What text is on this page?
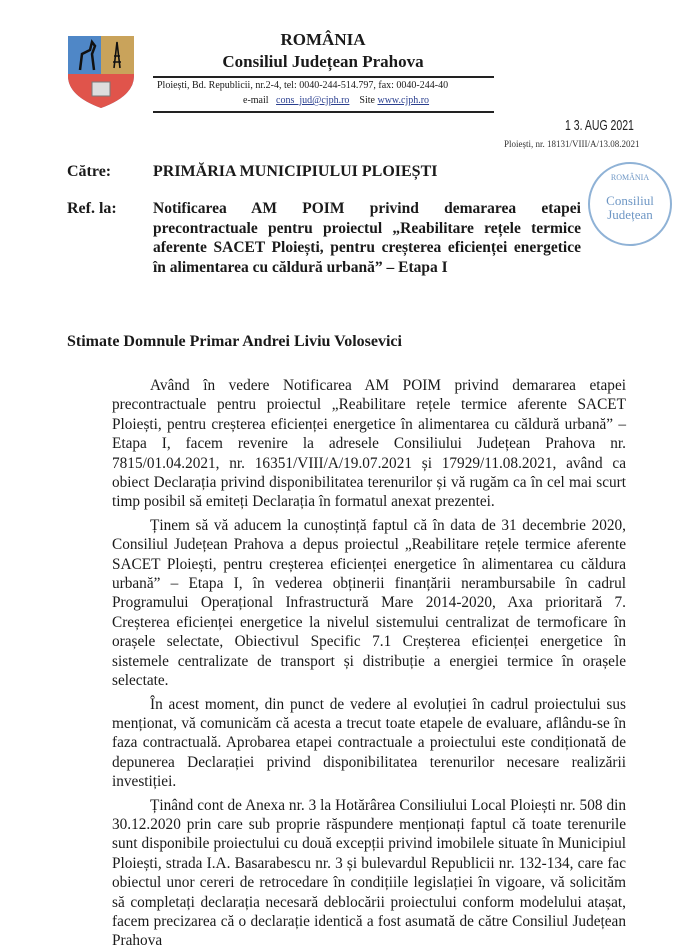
ROMÂNIA
Consiliul Județean Prahova
Ploiești, Bd. Republicii, nr.2-4, tel: 0040-244-514.797, fax: 0040-244-40
e-mail cons_jud@cjph.ro Site www.cjph.ro
1 3. AUG 2021
Ploiești, nr. 18131/VIII/A/13.08.2021
ROMÂNIA
Consiliul Județean
Către:	PRIMĂRIA MUNICIPIULUI PLOIEȘTI
Ref. la: Notificarea AM POIM privind demararea etapei precontractuale pentru proiectul „Reabilitare rețele termice aferente SACET Ploiești, pentru creșterea eficienței energetice în alimentarea cu căldură urbană” – Etapa I
Stimate Domnule Primar Andrei Liviu Volosevici

Având în vedere Notificarea AM POIM privind demararea etapei precontractuale pentru proiectul „Reabilitare rețele termice aferente SACET Ploiești, pentru creșterea eficienței energetice în alimentarea cu căldură urbană” – Etapa I, facem revenire la adresele Consiliului Județean Prahova nr. 7815/01.04.2021, nr. 16351/VIII/A/19.07.2021 și 17929/11.08.2021, având ca obiect Declarația privind disponibilitatea terenurilor și vă rugăm ca în cel mai scurt timp posibil să emiteți Declarația în formatul anexat prezentei.

Ținem să vă aducem la cunoștință faptul că în data de 31 decembrie 2020, Consiliul Județean Prahova a depus proiectul „Reabilitare rețele termice aferente SACET Ploiești, pentru creșterea eficienței energetice în alimentarea cu căldura urbană” – Etapa I, în vederea obținerii finanțării nerambursabile în cadrul Programului Operațional Infrastructură Mare 2014-2020, Axa prioritară 7. Creșterea eficienței energetice la nivelul sistemului centralizat de termoficare în orașele selectate, Obiectivul Specific 7.1 Creșterea eficienței energetice în sistemele centralizate de transport și distribuție a energiei termice în orașele selectate.

În acest moment, din punct de vedere al evoluției în cadrul proiectului sus menționat, vă comunicăm că acesta a trecut toate etapele de evaluare, aflându-se în faza contractuală. Aprobarea etapei contractuale a proiectului este condiționată de depunerea Declarației privind disponibilitatea terenurilor necesare realizării investiției.

Ținând cont de Anexa nr. 3 la Hotărârea Consiliului Local Ploiești nr. 508 din 30.12.2020 prin care sub proprie răspundere menționați faptul că toate terenurile sunt disponibile proiectului cu două excepții privind imobilele situate în Municipiul Ploiești, strada I.A. Basarabescu nr. 3 și bulevardul Republicii nr. 132-134, care fac obiectul unor cereri de retrocedare în condițiile legislației în vigoare, vă solicităm să completați declarația necesară deblocării proiectului conform modelului atașat, facem precizarea că o declarație identică a fost asumată de către Consiliul Județean Prahova
